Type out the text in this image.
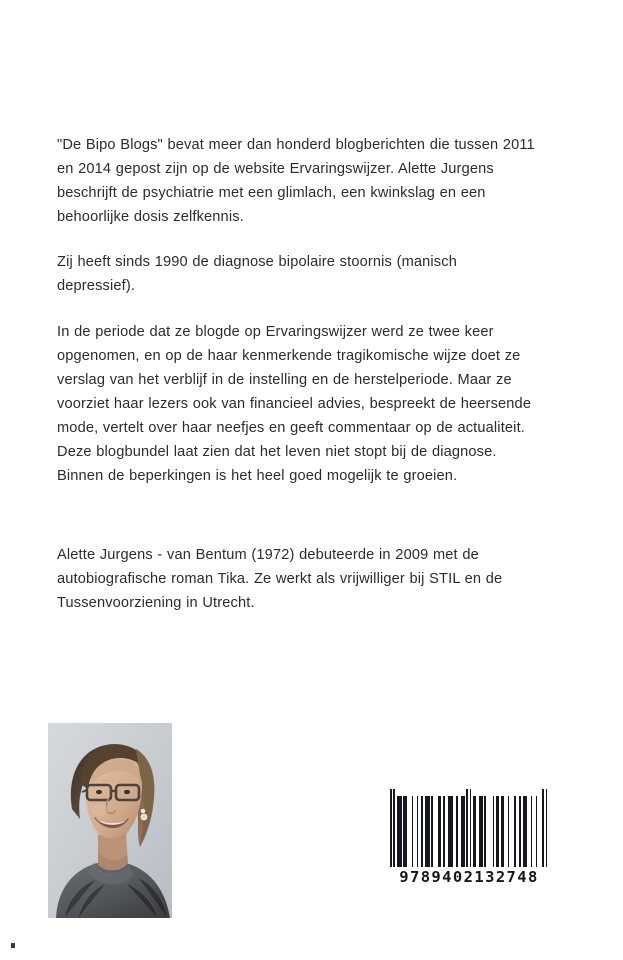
"De Bipo Blogs" bevat meer dan honderd blogberichten die tussen 2011 en 2014 gepost zijn op de website Ervaringswijzer. Alette Jurgens beschrijft de psychiatrie met een glimlach, een kwinkslag en een behoorlijke dosis zelfkennis.

Zij heeft sinds 1990 de diagnose bipolaire stoornis (manisch depressief).

In de periode dat ze blogde op Ervaringswijzer werd ze twee keer opgenomen, en op de haar kenmerkende tragikomische wijze doet ze verslag van het verblijf in de instelling en de herstelperiode. Maar ze voorziet haar lezers ook van financieel advies, bespreekt de heersende mode, vertelt over haar neefjes en geeft commentaar op de actualiteit. Deze blogbundel laat zien dat het leven niet stopt bij de diagnose. Binnen de beperkingen is het heel goed mogelijk te groeien.

Alette Jurgens - van Bentum (1972) debuteerde in 2009 met de autobiografische roman Tika. Ze werkt als vrijwilliger bij STIL en de Tussenvoorziening in Utrecht.

9789402132748
